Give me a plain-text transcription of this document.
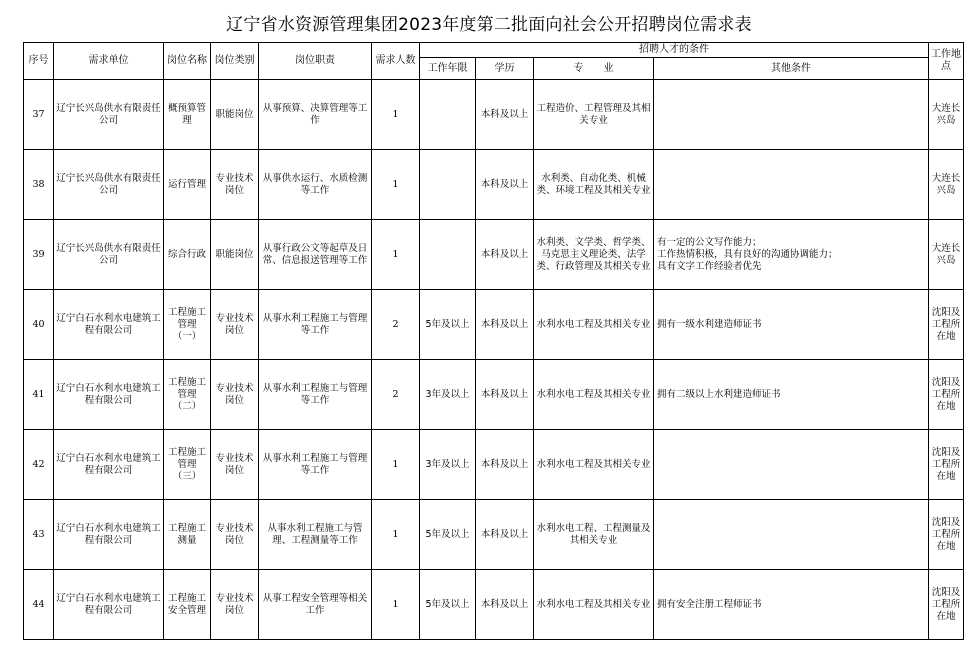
辽宁省水资源管理集团2023年度第二批面向社会公开招聘岗位需求表
序号	需求单位	岗位名称	岗位类别	岗位职责	需求人数	招聘人才的条件				工作地点
						工作年限	学历	专　　业	其他条件	
37	辽宁长兴岛供水有限责任公司	概预算管理	职能岗位	从事预算、决算管理等工作	1		本科及以上	工程造价、工程管理及其相关专业		大连长兴岛
38	辽宁长兴岛供水有限责任公司	运行管理	专业技术岗位	从事供水运行、水质检测等工作	1		本科及以上	水利类、自动化类、机械类、环境工程及其相关专业		大连长兴岛
39	辽宁长兴岛供水有限责任公司	综合行政	职能岗位	从事行政公文等起草及日常、信息报送管理等工作	1		本科及以上	水利类、文学类、哲学类、马克思主义理论类、法学类、行政管理及其相关专业	有一定的公文写作能力；
工作热情积极，具有良好的沟通协调能力；
具有文字工作经验者优先	大连长兴岛
40	辽宁白石水利水电建筑工程有限公司	工程施工管理（一）	专业技术岗位	从事水利工程施工与管理等工作	2	5年及以上	本科及以上	水利水电工程及其相关专业	拥有一级水利建造师证书	沈阳及工程所在地
41	辽宁白石水利水电建筑工程有限公司	工程施工管理（二）	专业技术岗位	从事水利工程施工与管理等工作	2	3年及以上	本科及以上	水利水电工程及其相关专业	拥有二级以上水利建造师证书	沈阳及工程所在地
42	辽宁白石水利水电建筑工程有限公司	工程施工管理（三）	专业技术岗位	从事水利工程施工与管理等工作	1	3年及以上	本科及以上	水利水电工程及其相关专业		沈阳及工程所在地
43	辽宁白石水利水电建筑工程有限公司	工程施工测量	专业技术岗位	从事水利工程施工与管理、工程测量等工作	1	5年及以上	本科及以上	水利水电工程、工程测量及其相关专业		沈阳及工程所在地
44	辽宁白石水利水电建筑工程有限公司	工程施工安全管理	专业技术岗位	从事工程安全管理等相关工作	1	5年及以上	本科及以上	水利水电工程及其相关专业	拥有安全注册工程师证书	沈阳及工程所在地
